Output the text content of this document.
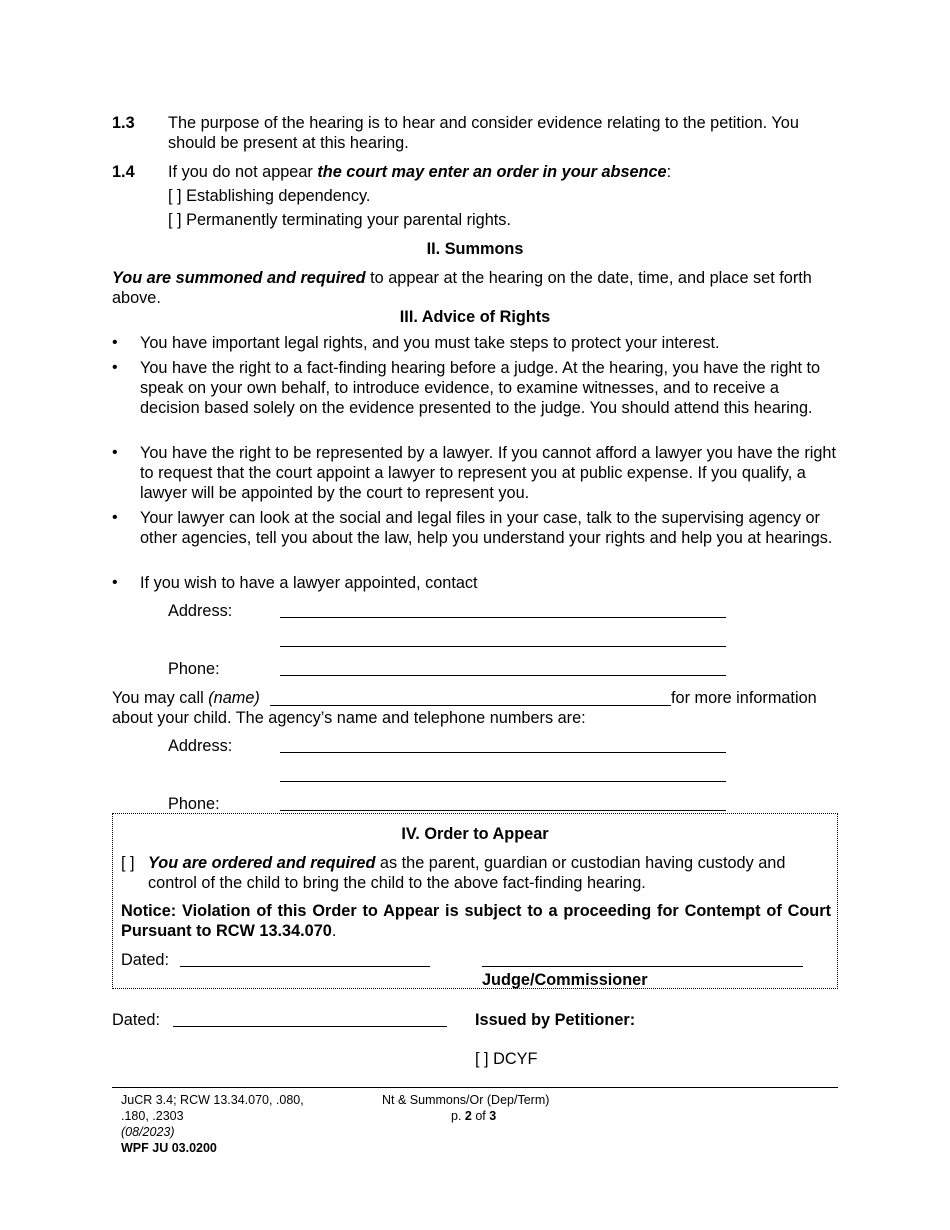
1.3 The purpose of the hearing is to hear and consider evidence relating to the petition. You should be present at this hearing.
1.4 If you do not appear the court may enter an order in your absence:
[ ] Establishing dependency.
[ ] Permanently terminating your parental rights.
II. Summons
You are summoned and required to appear at the hearing on the date, time, and place set forth above.
III. Advice of Rights
• You have important legal rights, and you must take steps to protect your interest.
• You have the right to a fact-finding hearing before a judge. At the hearing, you have the right to speak on your own behalf, to introduce evidence, to examine witnesses, and to receive a decision based solely on the evidence presented to the judge. You should attend this hearing.
• You have the right to be represented by a lawyer. If you cannot afford a lawyer you have the right to request that the court appoint a lawyer to represent you at public expense. If you qualify, a lawyer will be appointed by the court to represent you.
• Your lawyer can look at the social and legal files in your case, talk to the supervising agency or other agencies, tell you about the law, help you understand your rights and help you at hearings.
• If you wish to have a lawyer appointed, contact
Address:
Phone:
You may call (name)	for more information
about your child. The agency’s name and telephone numbers are:
Address:
Phone:
IV. Order to Appear
[ ] You are ordered and required as the parent, guardian or custodian having custody and control of the child to bring the child to the above fact-finding hearing.
Notice: Violation of this Order to Appear is subject to a proceeding for Contempt of Court Pursuant to RCW 13.34.070.
Dated:
Judge/Commissioner
Dated:	Issued by Petitioner:
[ ] DCYF
JuCR 3.4; RCW 13.34.070, .080,
.180, .2303
(08/2023)
WPF JU 03.0200
Nt & Summons/Or (Dep/Term)
p. 2 of 3
